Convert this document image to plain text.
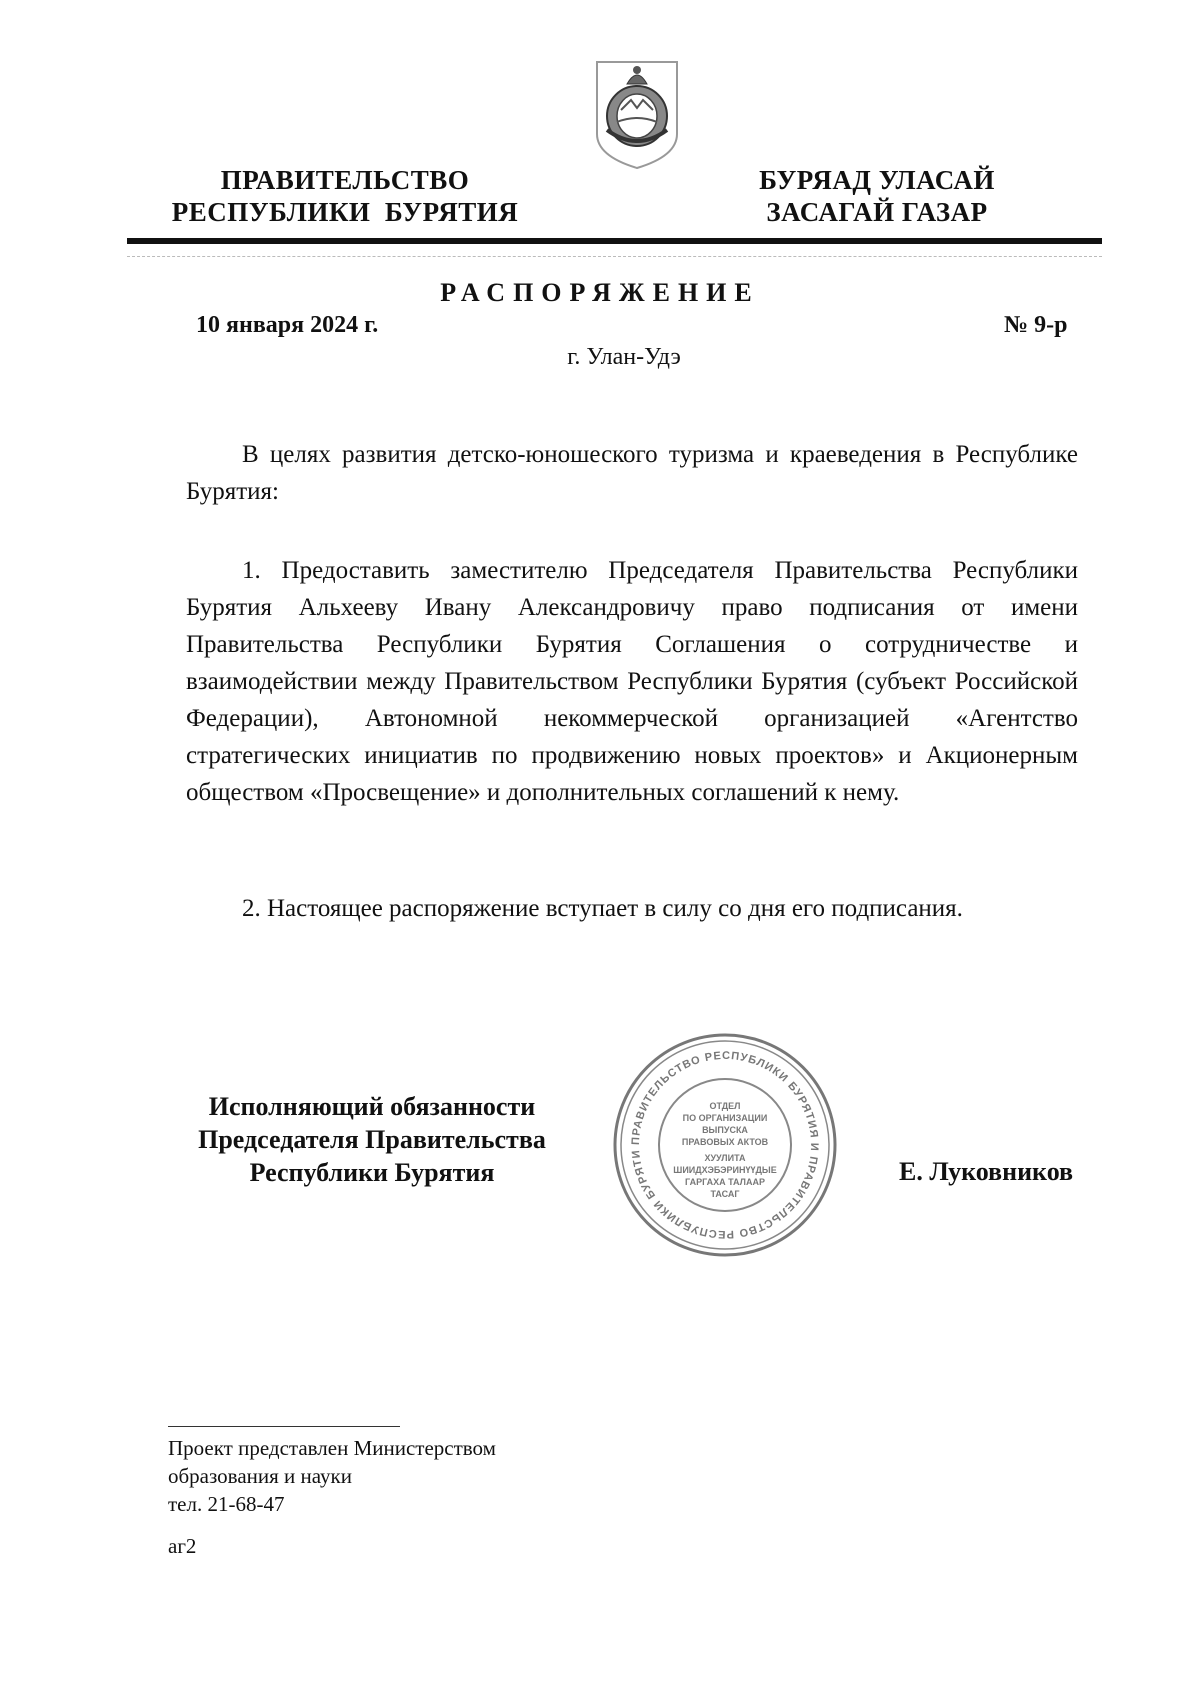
ПРАВИТЕЛЬСТВО
РЕСПУБЛИКИ  БУРЯТИЯ
БУРЯАД УЛАСАЙ
ЗАСАГАЙ ГАЗАР
РАСПОРЯЖЕНИЕ
10 января 2024 г.	№ 9-р
г. Улан-Удэ

В целях развития детско-юношеского туризма и краеведения в Республике Бурятия:

1. Предоставить заместителю Председателя Правительства Республики Бурятия Альхееву Ивану Александровичу право подписания от имени Правительства Республики Бурятия Соглашения о сотрудничестве и взаимодействии между Правительством Республики Бурятия (субъект Российской Федерации), Автономной некоммерческой организацией «Агентство стратегических инициатив по продвижению новых проектов» и Акционерным обществом «Просвещение» и дополнительных соглашений к нему.

2. Настоящее распоряжение вступает в силу со дня его подписания.

Исполняющий обязанности
Председателя Правительства
Республики Бурятия
ПРАВИТЕЛЬСТВО РЕСПУБЛИКИ БУРЯТИЯ И ПРАВИТЕЛЬСТВО РЕСПУБЛИКИ БУРЯТИ
ОТДЕЛ
ПО ОРГАНИЗАЦИИ
ВЫПУСКА
ПРАВОВЫХ АКТОВ
ХУУЛИТА
ШИИДХЭБЭРИНҮҮДЫЕ
ГАРГАХА ТАЛААР
ТАСАГ
Е. Луковников
Проект представлен Министерством
образования и науки
тел. 21-68-47
аг2
